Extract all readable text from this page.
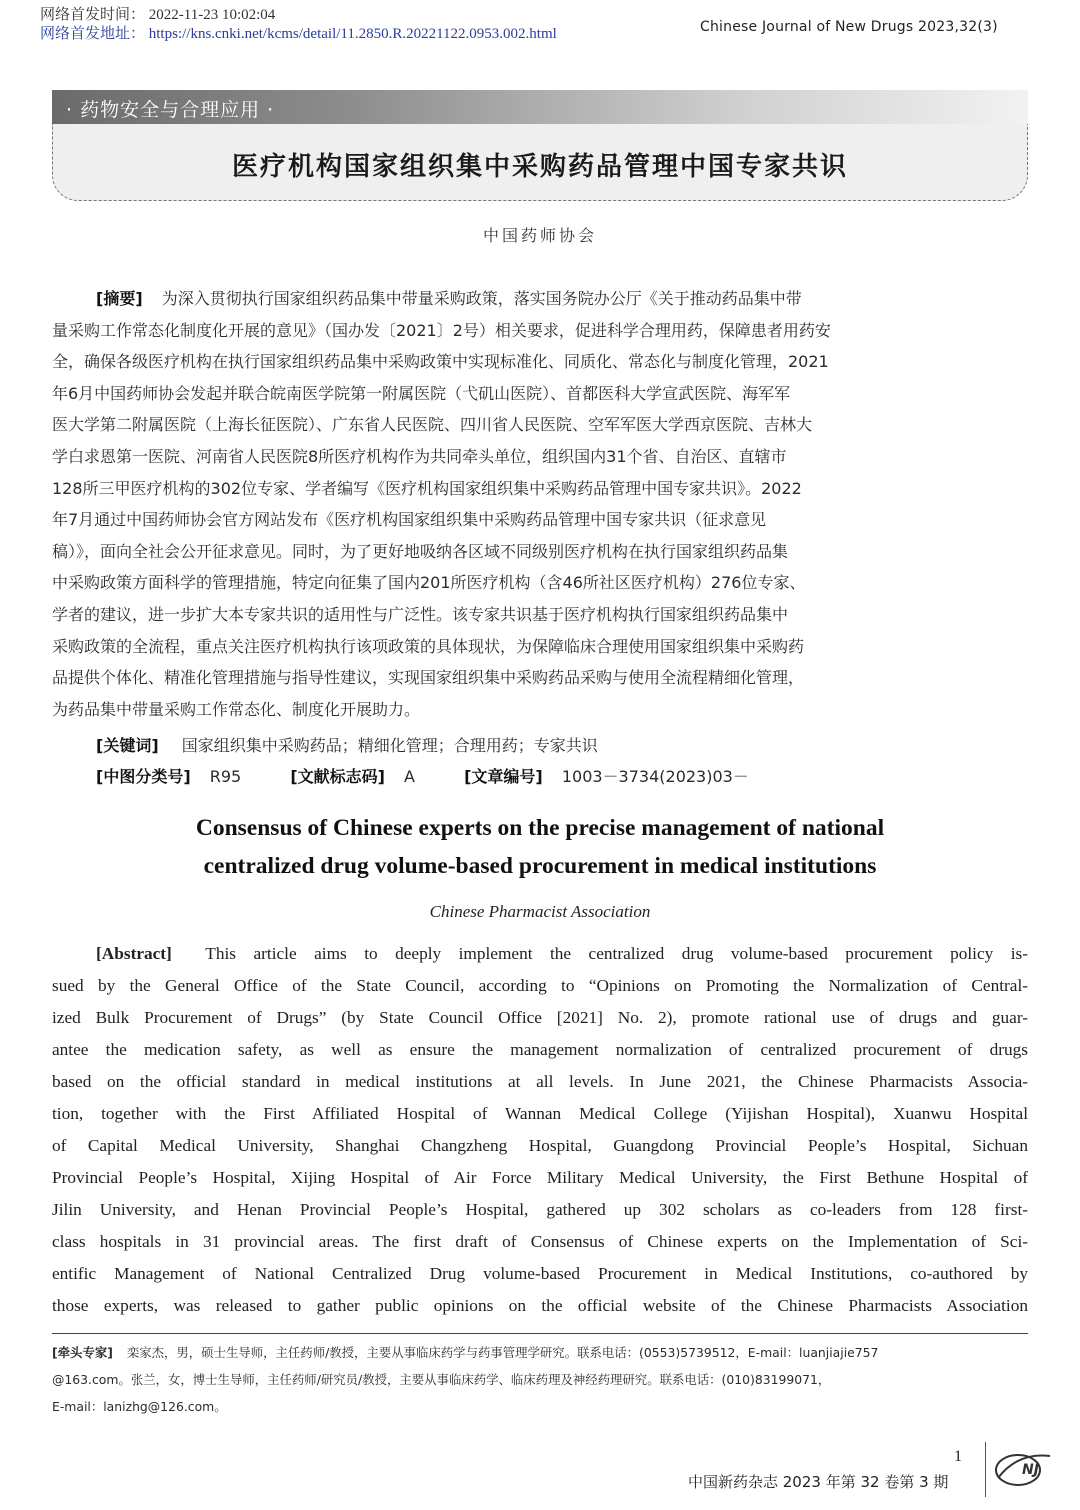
网络首发时间： 2022-11-23 10:02:04
网络首发地址： https://kns.cnki.net/kcms/detail/11.2850.R.20221122.0953.002.html	Chinese Journal of New Drugs 2023,32(3)
· 药物安全与合理应用 ·
医疗机构国家组织集中采购药品管理中国专家共识
中国药师协会
[摘要] 为深入贯彻执行国家组织药品集中带量采购政策，落实国务院办公厅《关于推动药品集中带
量采购工作常态化制度化开展的意见》（国办发〔2021〕2号）相关要求，促进科学合理用药，保障患者用药安
全，确保各级医疗机构在执行国家组织药品集中采购政策中实现标准化、同质化、常态化与制度化管理，2021
年6月中国药师协会发起并联合皖南医学院第一附属医院（弋矶山医院）、首都医科大学宣武医院、海军军
医大学第二附属医院（上海长征医院）、广东省人民医院、四川省人民医院、空军军医大学西京医院、吉林大
学白求恩第一医院、河南省人民医院8所医疗机构作为共同牵头单位，组织国内31个省、自治区、直辖市
128所三甲医疗机构的302位专家、学者编写《医疗机构国家组织集中采购药品管理中国专家共识》。2022
年7月通过中国药师协会官方网站发布《医疗机构国家组织集中采购药品管理中国专家共识（征求意见
稿）》，面向全社会公开征求意见。同时，为了更好地吸纳各区域不同级别医疗机构在执行国家组织药品集
中采购政策方面科学的管理措施，特定向征集了国内201所医疗机构（含46所社区医疗机构）276位专家、
学者的建议，进一步扩大本专家共识的适用性与广泛性。该专家共识基于医疗机构执行国家组织药品集中
采购政策的全流程，重点关注医疗机构执行该项政策的具体现状，为保障临床合理使用国家组织集中采购药
品提供个体化、精准化管理措施与指导性建议，实现国家组织集中采购药品采购与使用全流程精细化管理，
为药品集中带量采购工作常态化、制度化开展助力。
[关键词] 国家组织集中采购药品；精细化管理；合理用药；专家共识
[中图分类号] R95	[文献标志码] A	[文章编号] 1003－3734(2023)03－
Consensus of Chinese experts on the precise management of national
centralized drug volume-based procurement in medical institutions
Chinese Pharmacist Association
[Abstract] This article aims to deeply implement the centralized drug volume-based procurement policy is-
sued by the General Office of the State Council, according to “Opinions on Promoting the Normalization of Central-
ized Bulk Procurement of Drugs” (by State Council Office [2021] No. 2), promote rational use of drugs and guar-
antee the medication safety, as well as ensure the management normalization of centralized procurement of drugs
based on the official standard in medical institutions at all levels. In June 2021, the Chinese Pharmacists Associa-
tion, together with the First Affiliated Hospital of Wannan Medical College (Yijishan Hospital), Xuanwu Hospital
of Capital Medical University, Shanghai Changzheng Hospital, Guangdong Provincial People’s Hospital, Sichuan
Provincial People’s Hospital, Xijing Hospital of Air Force Military Medical University, the First Bethune Hospital of
Jilin University, and Henan Provincial People’s Hospital, gathered up 302 scholars as co-leaders from 128 first-
class hospitals in 31 provincial areas. The first draft of Consensus of Chinese experts on the Implementation of Sci-
entific Management of National Centralized Drug volume-based Procurement in Medical Institutions, co-authored by
those experts, was released to gather public opinions on the official website of the Chinese Pharmacists Association
[牵头专家] 栾家杰，男，硕士生导师，主任药师/教授，主要从事临床药学与药事管理学研究。联系电话：(0553)5739512，E-mail：luanjiajie757
@163.com。张兰，女，博士生导师，主任药师/研究员/教授，主要从事临床药学、临床药理及神经药理研究。联系电话：(010)83199071，
E-mail：lanizhg@126.com。
1
中国新药杂志 2023 年第 32 卷第 3 期
NJ
